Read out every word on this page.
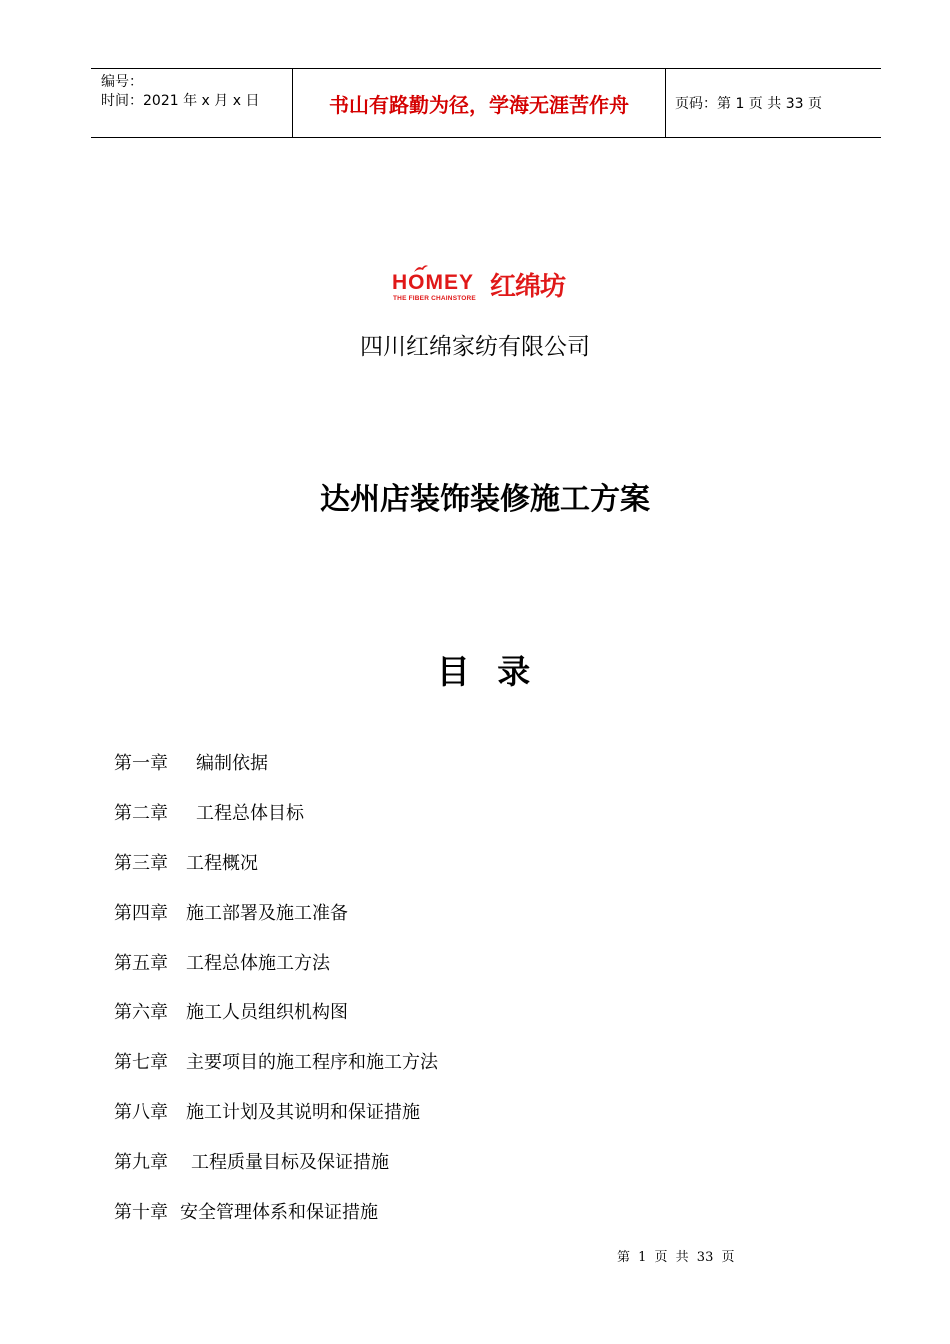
编号：
时间：2021 年 x 月 x 日	书山有路勤为径，学海无涯苦作舟	页码：第 1 页 共 33 页
HOMEY
THE FIBER CHAINSTORE 红绵坊
四川红绵家纺有限公司
达州店装饰装修施工方案
目 录
第一章 编制依据
第二章 工程总体目标
第三章 工程概况
第四章 施工部署及施工准备
第五章 工程总体施工方法
第六章 施工人员组织机构图
第七章 主要项目的施工程序和施工方法
第八章 施工计划及其说明和保证措施
第九章 工程质量目标及保证措施
第十章 安全管理体系和保证措施
第 1 页 共 33 页
